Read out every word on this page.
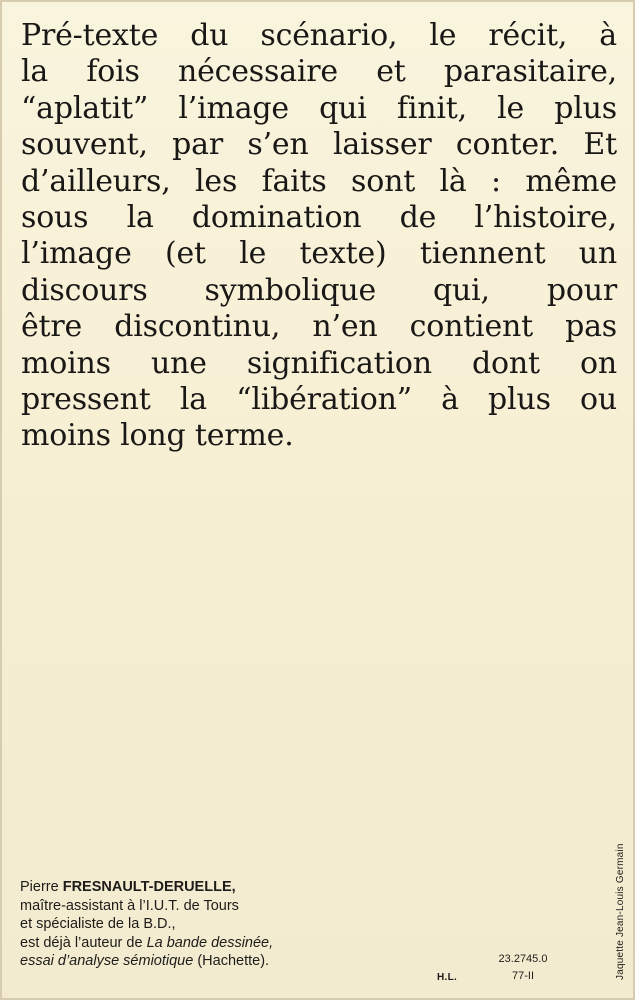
Pré-texte du scénario, le récit, à
la fois nécessaire et parasitaire,
“aplatit” l’image qui finit, le plus
souvent, par s’en laisser conter. Et
d’ailleurs, les faits sont là : même
sous la domination de l’histoire,
l’image (et le texte) tiennent un
discours symbolique qui, pour
être discontinu, n’en contient pas
moins une signification dont on
pressent la “libération” à plus ou
moins long terme.
Pierre FRESNAULT-DERUELLE,
maître-assistant à l’I.U.T. de Tours
et spécialiste de la B.D.,
est déjà l’auteur de La bande dessinée,
essai d’analyse sémiotique (Hachette).
H.L.
23.2745.0
77-II	Jaquette Jean-Louis Germain
